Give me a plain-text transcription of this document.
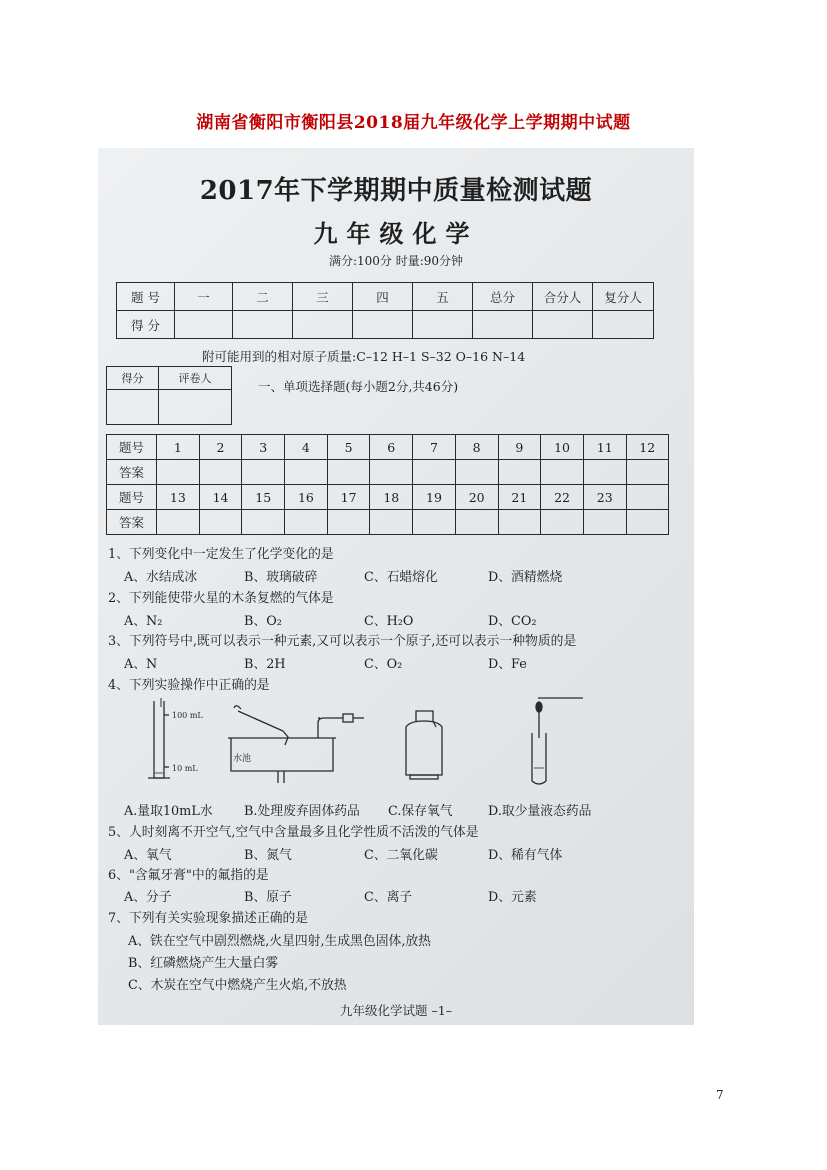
湖南省衡阳市衡阳县2018届九年级化学上学期期中试题
2017年下学期期中质量检测试题
九年级化学
满分:100分 时量:90分钟
题 号	一	二	三	四	五	总分	合分人	复分人
得 分								
附可能用到的相对原子质量:C–12 H–1 S–32 O–16 N–14
得分	评卷人

一、单项选择题(每小题2分,共46分)
题号	1	2	3	4	5	6	7	8	9	10	11	12
答案												
题号	13	14	15	16	17	18	19	20	21	22	23	
答案												
1、下列变化中一定发生了化学变化的是
A、水结成冰	B、玻璃破碎	C、石蜡熔化	D、酒精燃烧
2、下列能使带火星的木条复燃的气体是
A、N₂	B、O₂	C、H₂O	D、CO₂
3、下列符号中,既可以表示一种元素,又可以表示一个原子,还可以表示一种物质的是
A、N	B、2H	C、O₂	D、Fe
4、下列实验操作中正确的是
100 mL
10 mL
水池
A.量取10mL水 B.处理废弃固体药品 C.保存氧气	D.取少量液态药品
5、人时刻离不开空气,空气中含量最多且化学性质不活泼的气体是
A、氧气	B、氮气	C、二氧化碳	D、稀有气体
6、"含氟牙膏"中的氟指的是
A、分子	B、原子	C、离子	D、元素
7、下列有关实验现象描述正确的是
A、铁在空气中剧烈燃烧,火星四射,生成黑色固体,放热
B、红磷燃烧产生大量白雾
C、木炭在空气中燃烧产生火焰,不放热
九年级化学试题 –1–
7
